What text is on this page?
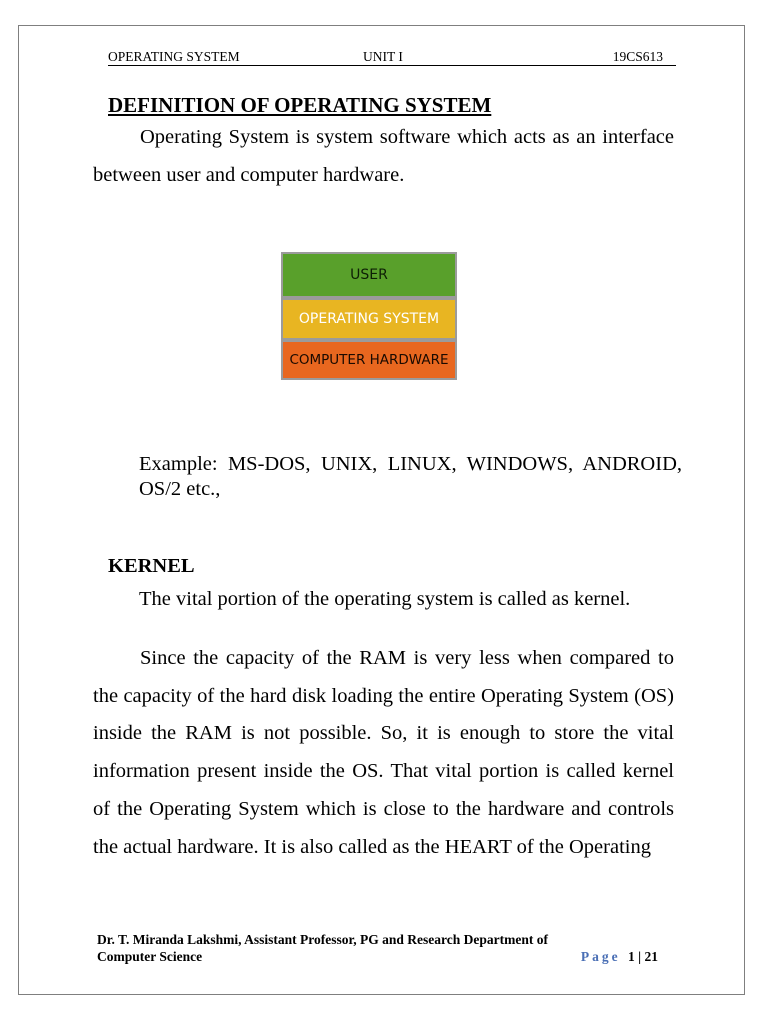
OPERATING SYSTEM	UNIT I	19CS613
DEFINITION OF OPERATING SYSTEM
Operating System is system software which acts as an interface between user and computer hardware.
USER
OPERATING SYSTEM
COMPUTER HARDWARE
Example: MS-DOS, UNIX, LINUX, WINDOWS, ANDROID, OS/2 etc.,
KERNEL
The vital portion of the operating system is called as kernel.
Since the capacity of the RAM is very less when compared to the capacity of the hard disk loading the entire Operating System (OS) inside the RAM is not possible. So, it is enough to store the vital information present inside the OS. That vital portion is called kernel of the Operating System which is close to the hardware and controls the actual hardware. It is also called as the HEART of the Operating
Dr. T. Miranda Lakshmi, Assistant Professor, PG and Research Department of
Computer Science	Page 1 | 21
